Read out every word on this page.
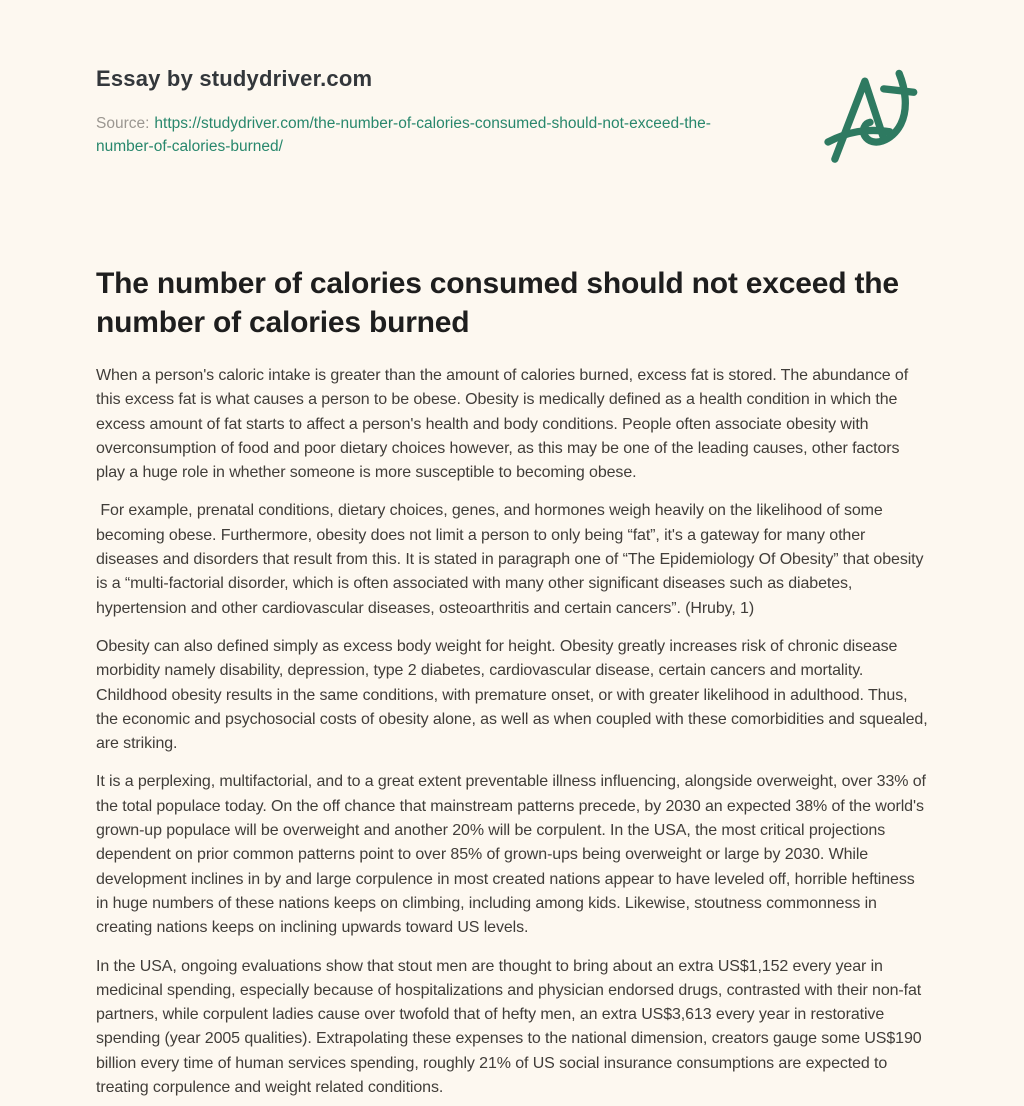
Essay by studydriver.com

Source: https://studydriver.com/the-number-of-calories-consumed-should-not-exceed-the-number-of-calories-burned/

The number of calories consumed should not exceed the number of calories burned

When a person's caloric intake is greater than the amount of calories burned, excess fat is stored. The abundance of this excess fat is what causes a person to be obese. Obesity is medically defined as a health condition in which the excess amount of fat starts to affect a person's health and body conditions. People often associate obesity with overconsumption of food and poor dietary choices however, as this may be one of the leading causes, other factors play a huge role in whether someone is more susceptible to becoming obese.

For example, prenatal conditions, dietary choices, genes, and hormones weigh heavily on the likelihood of some becoming obese. Furthermore, obesity does not limit a person to only being “fat”, it's a gateway for many other diseases and disorders that result from this. It is stated in paragraph one of “The Epidemiology Of Obesity” that obesity is a “multi-factorial disorder, which is often associated with many other significant diseases such as diabetes, hypertension and other cardiovascular diseases, osteoarthritis and certain cancers”. (Hruby, 1)

Obesity can also defined simply as excess body weight for height. Obesity greatly increases risk of chronic disease morbidity namely disability, depression, type 2 diabetes, cardiovascular disease, certain cancers and mortality. Childhood obesity results in the same conditions, with premature onset, or with greater likelihood in adulthood. Thus, the economic and psychosocial costs of obesity alone, as well as when coupled with these comorbidities and squealed, are striking.

It is a perplexing, multifactorial, and to a great extent preventable illness influencing, alongside overweight, over 33% of the total populace today. On the off chance that mainstream patterns precede, by 2030 an expected 38% of the world's grown-up populace will be overweight and another 20% will be corpulent. In the USA, the most critical projections dependent on prior common patterns point to over 85% of grown-ups being overweight or large by 2030. While development inclines in by and large corpulence in most created nations appear to have leveled off, horrible heftiness in huge numbers of these nations keeps on climbing, including among kids. Likewise, stoutness commonness in creating nations keeps on inclining upwards toward US levels.

In the USA, ongoing evaluations show that stout men are thought to bring about an extra US$1,152 every year in medicinal spending, especially because of hospitalizations and physician endorsed drugs, contrasted with their non-fat partners, while corpulent ladies cause over twofold that of hefty men, an extra US$3,613 every year in restorative spending (year 2005 qualities). Extrapolating these expenses to the national dimension, creators gauge some US$190 billion every time of human services spending, roughly 21% of US social insurance consumptions are expected to treating corpulence and weight related conditions.
